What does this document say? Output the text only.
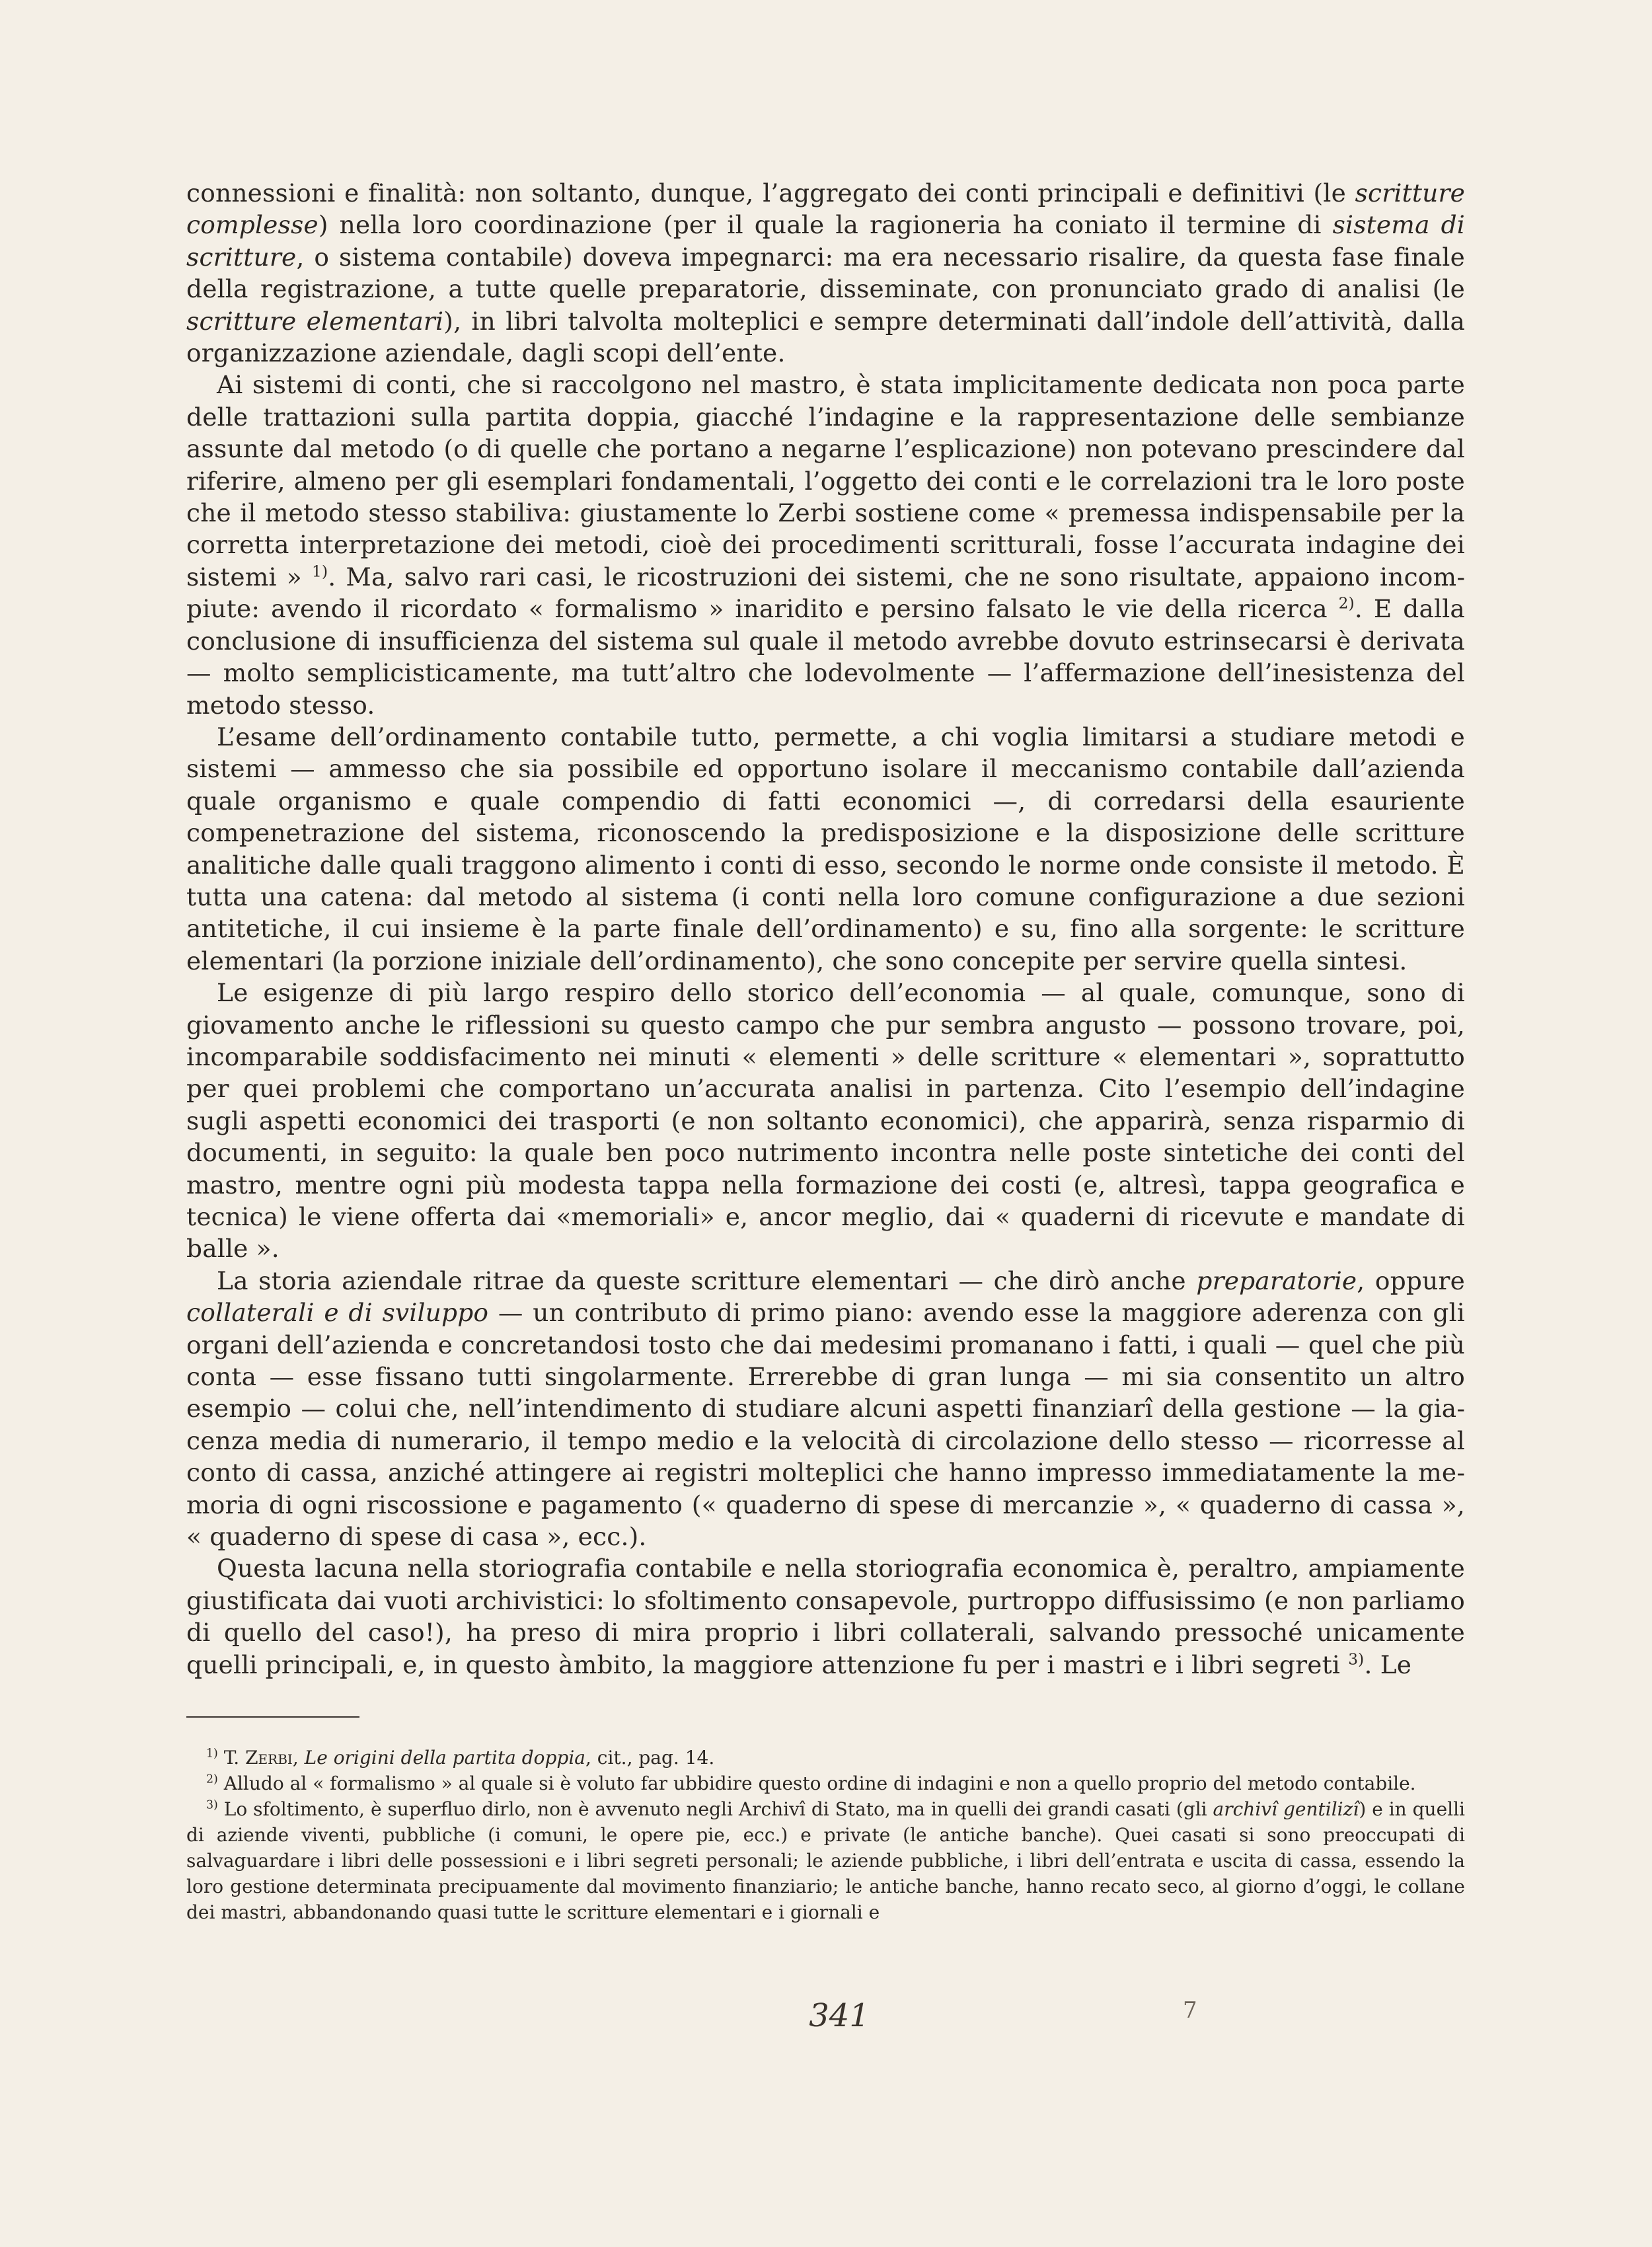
connessioni e finalità: non soltanto, dunque, l’aggregato dei conti principali e definitivi (le scritture complesse) nella loro coordinazione (per il quale la ragioneria ha coniato il termine di sistema di scritture, o sistema contabile) doveva impegnarci: ma era necessario risalire, da questa fase finale della registrazione, a tutte quelle preparatorie, disseminate, con pronunciato grado di analisi (le scritture elementari), in libri talvolta molteplici e sempre determinati dall’indole dell’attività, dalla organizzazione aziendale, dagli scopi dell’ente.

Ai sistemi di conti, che si raccolgono nel mastro, è stata implicitamente dedicata non poca parte delle trattazioni sulla partita doppia, giacché l’indagine e la rappresentazione delle sembianze assunte dal metodo (o di quelle che portano a negarne l’esplicazione) non potevano prescindere dal riferire, almeno per gli esemplari fondamentali, l’oggetto dei conti e le correlazioni tra le loro poste che il metodo stesso stabiliva: giustamente lo Zerbi sostiene come « premessa indispensabile per la corretta interpretazione dei metodi, cioè dei procedimenti scritturali, fosse l’accurata indagine dei sistemi » $^{1)}$. Ma, salvo rari casi, le ricostruzioni dei sistemi, che ne sono risultate, appaiono incompiute: avendo il ricordato « formalismo » inaridito e persino falsato le vie della ricerca $^{2)}$. E dalla conclusione di insufficienza del sistema sul quale il metodo avrebbe dovuto estrinsecarsi è derivata — molto semplicisticamente, ma tutt’altro che lodevolmente — l’affermazione dell’inesistenza del metodo stesso.

L’esame dell’ordinamento contabile tutto, permette, a chi voglia limitarsi a studiare metodi e sistemi — ammesso che sia possibile ed opportuno isolare il meccanismo contabile dall’azienda quale organismo e quale compendio di fatti economici —, di corredarsi della esauriente compenetrazione del sistema, riconoscendo la predisposizione e la disposizione delle scritture analitiche dalle quali traggono alimento i conti di esso, secondo le norme onde consiste il metodo. È tutta una catena: dal metodo al sistema (i conti nella loro comune configurazione a due sezioni antitetiche, il cui insieme è la parte finale dell’ordinamento) e su, fino alla sorgente: le scritture elementari (la porzione iniziale dell’ordinamento), che sono concepite per servire quella sintesi.

Le esigenze di più largo respiro dello storico dell’economia — al quale, comunque, sono di giovamento anche le riflessioni su questo campo che pur sembra angusto — possono trovare, poi, incomparabile soddisfacimento nei minuti « elementi » delle scritture « elementari », soprattutto per quei problemi che comportano un’accurata analisi in partenza. Cito l’esempio dell’indagine sugli aspetti economici dei trasporti (e non soltanto economici), che apparirà, senza risparmio di documenti, in seguito: la quale ben poco nutrimento incontra nelle poste sintetiche dei conti del mastro, mentre ogni più modesta tappa nella formazione dei costi (e, altresì, tappa geografica e tecnica) le viene offerta dai «memoriali» e, ancor meglio, dai « quaderni di ricevute e mandate di balle ».

La storia aziendale ritrae da queste scritture elementari — che dirò anche preparatorie, oppure collaterali e di sviluppo — un contributo di primo piano: avendo esse la maggiore aderenza con gli organi dell’azienda e concretandosi tosto che dai medesimi promanano i fatti, i quali — quel che più conta — esse fissano tutti singolarmente. Errerebbe di gran lunga — mi sia consentito un altro esempio — colui che, nell’intendimento di studiare alcuni aspetti finanziarî della gestione — la giacenza media di numerario, il tempo medio e la velocità di circolazione dello stesso — ricorresse al conto di cassa, anziché attingere ai registri molteplici che hanno impresso immediatamente la memoria di ogni riscossione e pagamento (« quaderno di spese di mercanzie », « quaderno di cassa », « quaderno di spese di casa », ecc.).

Questa lacuna nella storiografia contabile e nella storiografia economica è, peraltro, ampiamente giustificata dai vuoti archivistici: lo sfoltimento consapevole, purtroppo diffusissimo (e non parliamo di quello del caso!), ha preso di mira proprio i libri collaterali, salvando pressoché unicamente quelli principali, e, in questo àmbito, la maggiore attenzione fu per i mastri e i libri segreti $^{3)}$. Le

$^{1)}$ T. Zerbi, Le origini della partita doppia, cit., pag. 14.

$^{2)}$ Alludo al « formalismo » al quale si è voluto far ubbidire questo ordine di indagini e non a quello proprio del metodo contabile.

$^{3)}$ Lo sfoltimento, è superfluo dirlo, non è avvenuto negli Archivî di Stato, ma in quelli dei grandi casati (gli archivî gentilizî) e in quelli di aziende viventi, pubbliche (i comuni, le opere pie, ecc.) e private (le antiche banche). Quei casati si sono preoccupati di salvaguardare i libri delle possessioni e i libri segreti personali; le aziende pubbliche, i libri dell’entrata e uscita di cassa, essendo la loro gestione determinata precipuamente dal movimento finanziario; le antiche banche, hanno recato seco, al giorno d’oggi, le collane dei mastri, abbandonando quasi tutte le scritture elementari e i giornali e

341	7
